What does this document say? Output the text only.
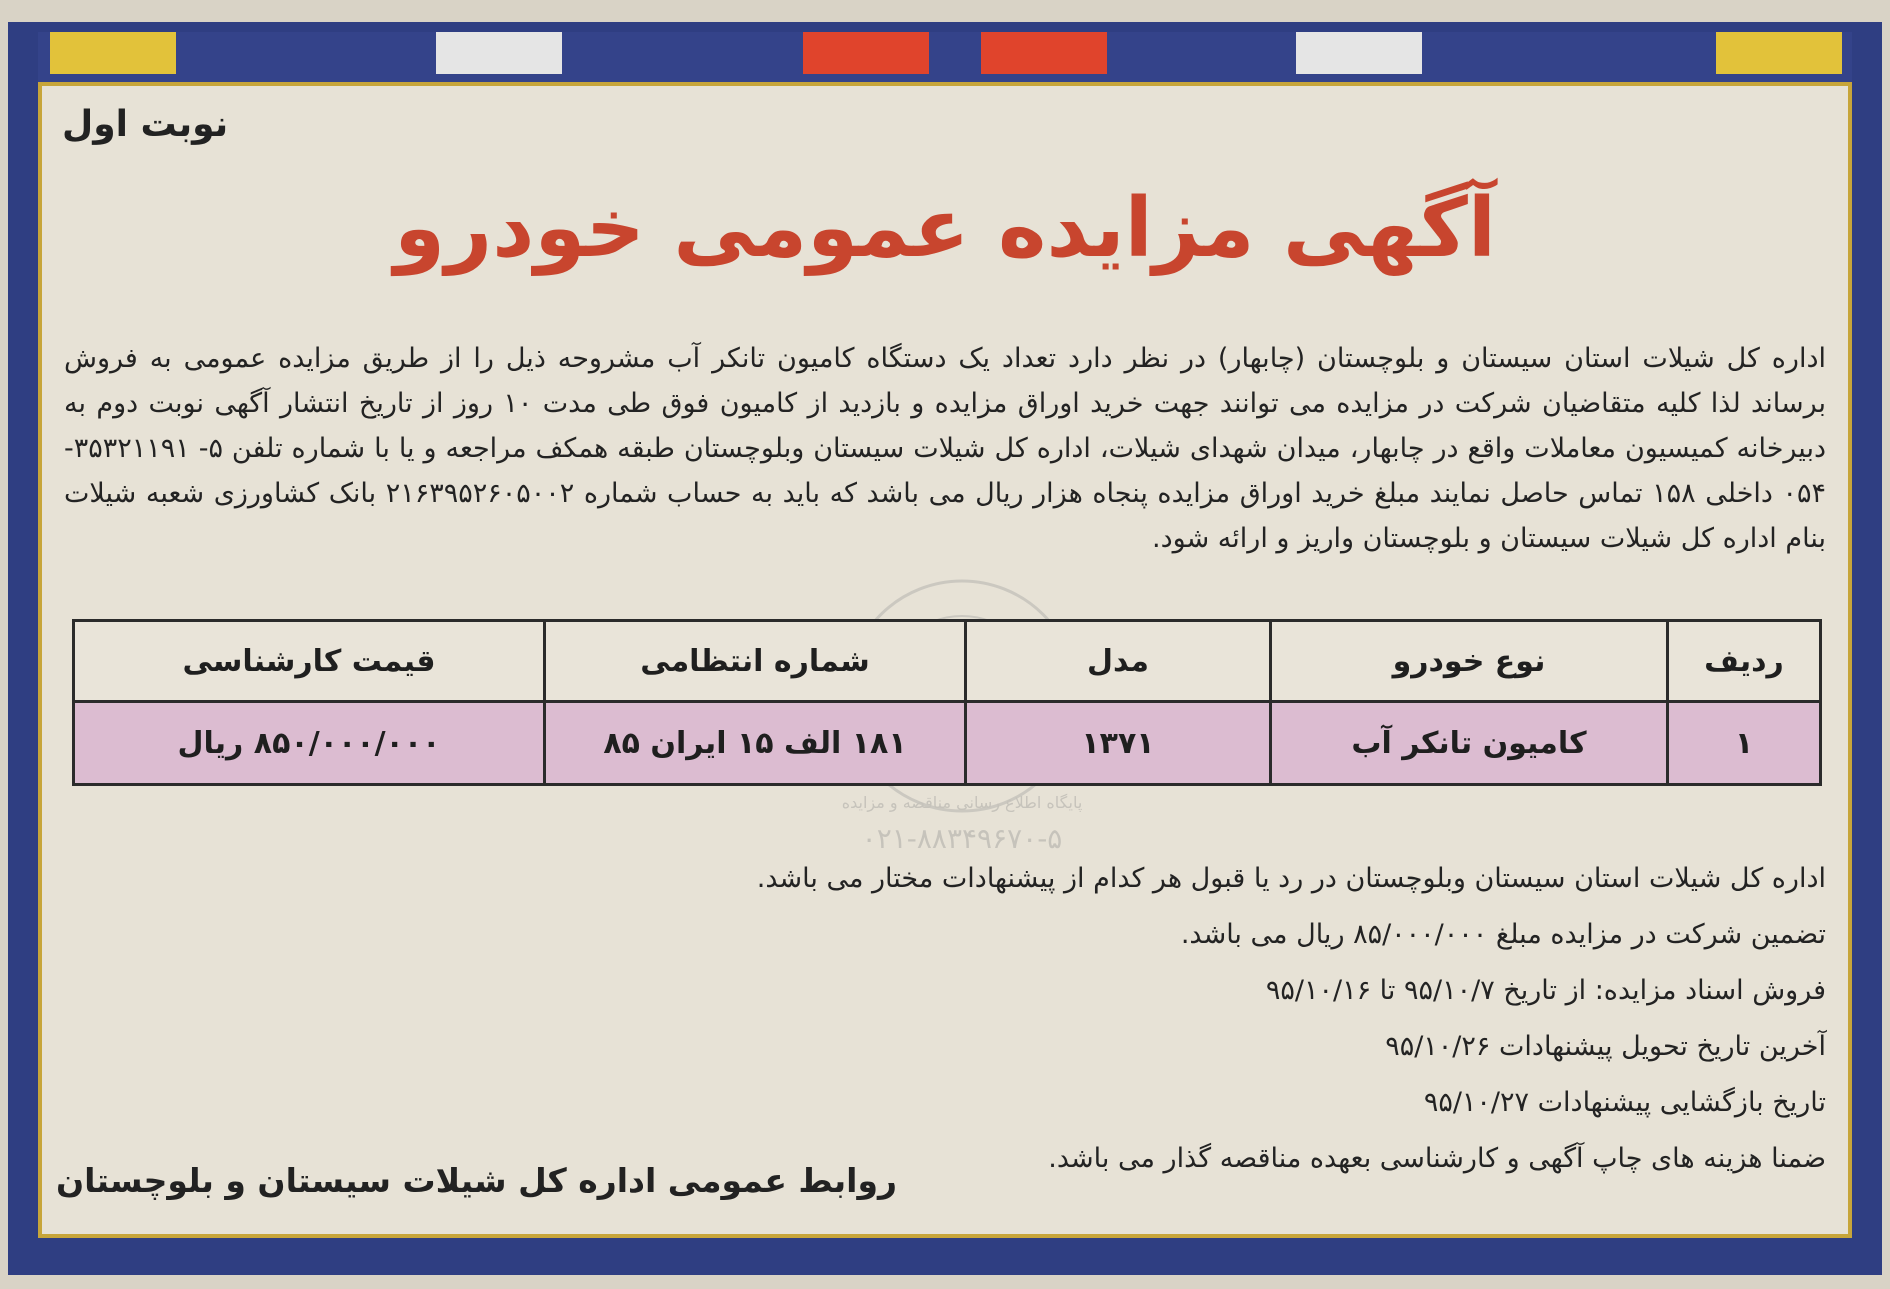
نوبت اول
آگهی مزایده عمومی خودرو

اداره کل شیلات استان سیستان و بلوچستان (چابهار) در نظر دارد تعداد یک دستگاه کامیون تانکر آب مشروحه ذیل را از طریق مزایده عمومی به فروش برساند لذا کلیه متقاضیان شرکت در مزایده می توانند جهت خرید اوراق مزایده و بازدید از کامیون فوق طی مدت ۱۰ روز از تاریخ انتشار آگهی نوبت دوم به دبیرخانه کمیسیون معاملات واقع در چابهار، میدان شهدای شیلات، اداره کل شیلات سیستان وبلوچستان طبقه همکف مراجعه و یا با شماره تلفن ۵- ۳۵۳۲۱۱۹۱- ۰۵۴ داخلی ۱۵۸ تماس حاصل نمایند مبلغ خرید اوراق مزایده پنجاه هزار ریال می باشد که باید به حساب شماره ۲۱۶۳۹۵۲۶۰۵۰۰۲ بانک کشاورزی شعبه شیلات بنام اداره کل شیلات سیستان و بلوچستان واریز و ارائه شود.

پایگاه اطلاع رسانی مناقصه و مزایده
۰۲۱-۸۸۳۴۹۶۷۰-۵
ردیف	نوع خودرو	مدل	شماره انتظامی	قیمت کارشناسی
۱	کامیون تانکر آب	۱۳۷۱	۱۸۱ الف ۱۵ ایران ۸۵	۸۵۰/۰۰۰/۰۰۰ ریال

اداره کل شیلات استان سیستان وبلوچستان در رد یا قبول هر کدام از پیشنهادات مختار می باشد.

تضمین شرکت در مزایده مبلغ ۸۵/۰۰۰/۰۰۰ ریال می باشد.

فروش اسناد مزایده: از تاریخ ۹۵/۱۰/۷ تا ۹۵/۱۰/۱۶

آخرین تاریخ تحویل پیشنهادات ۹۵/۱۰/۲۶

تاریخ بازگشایی پیشنهادات ۹۵/۱۰/۲۷

ضمنا هزینه های چاپ آگهی و کارشناسی بعهده مناقصه گذار می باشد.

روابط عمومی اداره کل شیلات سیستان و بلوچستان
